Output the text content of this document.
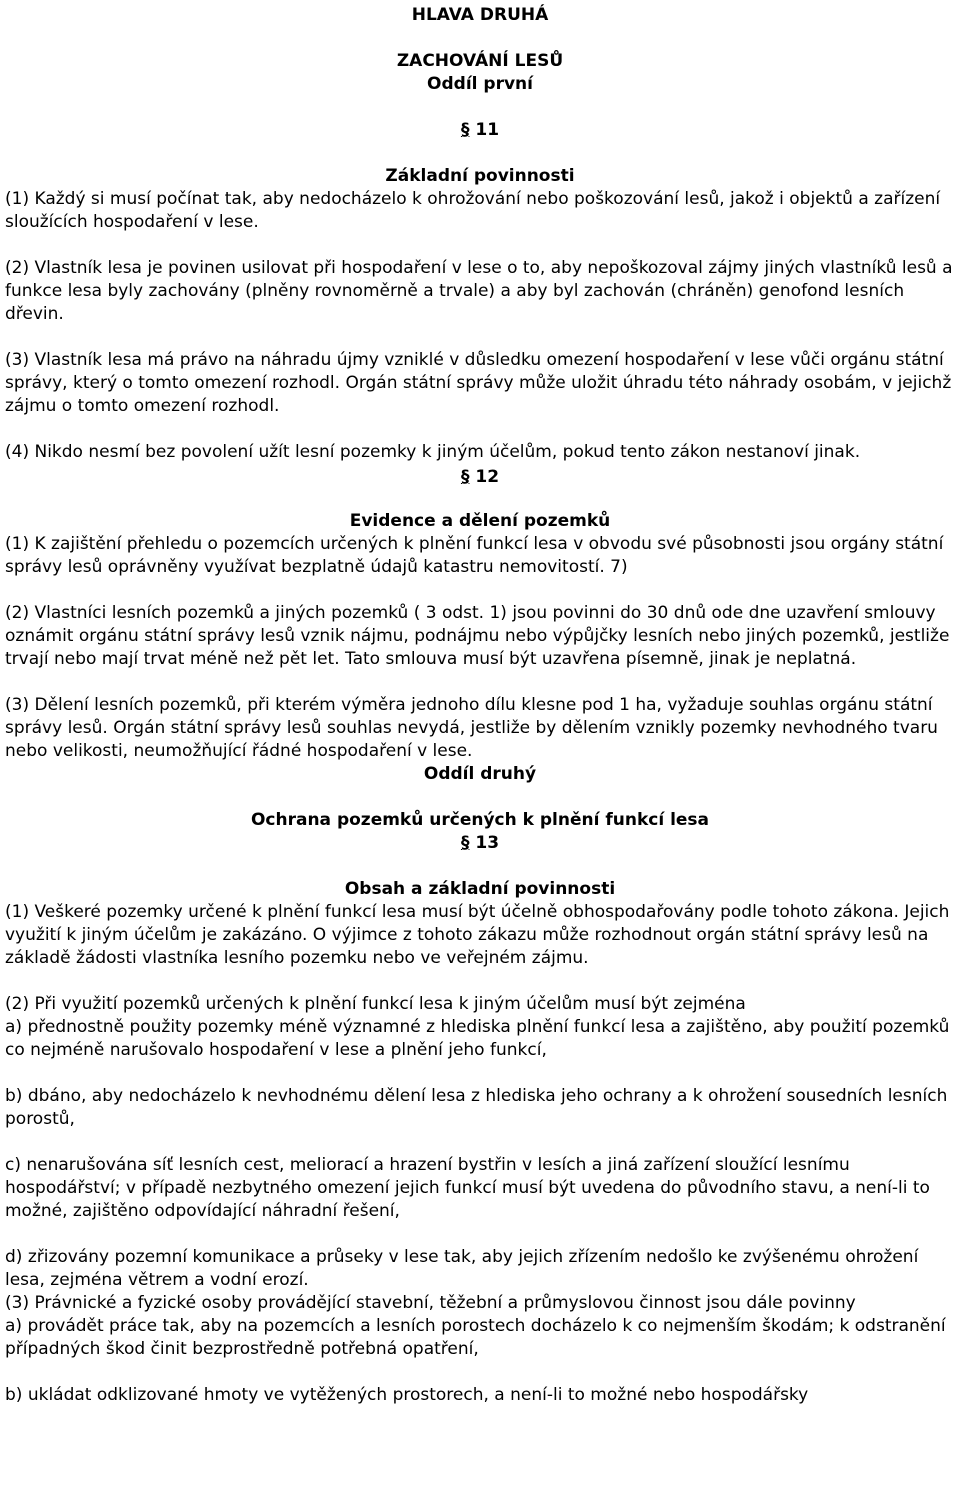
HLAVA DRUHÁ
ZACHOVÁNÍ LESŮ
Oddíl první
§ 11
Základní povinnosti

(1) Každý si musí počínat tak, aby nedocházelo k ohrožování nebo poškozování lesů, jakož i objektů a zařízení sloužících hospodaření v lese.

(2) Vlastník lesa je povinen usilovat při hospodaření v lese o to, aby nepoškozoval zájmy jiných vlastníků lesů a funkce lesa byly zachovány (plněny rovnoměrně a trvale) a aby byl zachován (chráněn) genofond lesních dřevin.

(3) Vlastník lesa má právo na náhradu újmy vzniklé v důsledku omezení hospodaření v lese vůči orgánu státní správy, který o tomto omezení rozhodl. Orgán státní správy může uložit úhradu této náhrady osobám, v jejichž zájmu o tomto omezení rozhodl.

(4) Nikdo nesmí bez povolení užít lesní pozemky k jiným účelům, pokud tento zákon nestanoví jinak.

§ 12
Evidence a dělení pozemků

(1) K zajištění přehledu o pozemcích určených k plnění funkcí lesa v obvodu své působnosti jsou orgány státní správy lesů oprávněny využívat bezplatně údajů katastru nemovitostí. 7)

(2) Vlastníci lesních pozemků a jiných pozemků ( 3 odst. 1) jsou povinni do 30 dnů ode dne uzavření smlouvy oznámit orgánu státní správy lesů vznik nájmu, podnájmu nebo výpůjčky lesních nebo jiných pozemků, jestliže trvají nebo mají trvat méně než pět let. Tato smlouva musí být uzavřena písemně, jinak je neplatná.

(3) Dělení lesních pozemků, při kterém výměra jednoho dílu klesne pod 1 ha, vyžaduje souhlas orgánu státní správy lesů. Orgán státní správy lesů souhlas nevydá, jestliže by dělením vznikly pozemky nevhodného tvaru nebo velikosti, neumožňující řádné hospodaření v lese.

Oddíl druhý
Ochrana pozemků určených k plnění funkcí lesa
§ 13
Obsah a základní povinnosti

(1) Veškeré pozemky určené k plnění funkcí lesa musí být účelně obhospodařovány podle tohoto zákona. Jejich využití k jiným účelům je zakázáno. O výjimce z tohoto zákazu může rozhodnout orgán státní správy lesů na základě žádosti vlastníka lesního pozemku nebo ve veřejném zájmu.

(2) Při využití pozemků určených k plnění funkcí lesa k jiným účelům musí být zejména

a) přednostně použity pozemky méně významné z hlediska plnění funkcí lesa a zajištěno, aby použití pozemků co nejméně narušovalo hospodaření v lese a plnění jeho funkcí,

b) dbáno, aby nedocházelo k nevhodnému dělení lesa z hlediska jeho ochrany a k ohrožení sousedních lesních porostů,

c) nenarušována síť lesních cest, meliorací a hrazení bystřin v lesích a jiná zařízení sloužící lesnímu hospodářství; v případě nezbytného omezení jejich funkcí musí být uvedena do původního stavu, a není-li to možné, zajištěno odpovídající náhradní řešení,

d) zřizovány pozemní komunikace a průseky v lese tak, aby jejich zřízením nedošlo ke zvýšenému ohrožení lesa, zejména větrem a vodní erozí.

(3) Právnické a fyzické osoby provádějící stavební, těžební a průmyslovou činnost jsou dále povinny

a) provádět práce tak, aby na pozemcích a lesních porostech docházelo k co nejmenším škodám; k odstranění případných škod činit bezprostředně potřebná opatření,

b) ukládat odklizované hmoty ve vytěžených prostorech, a není-li to možné nebo hospodářsky
